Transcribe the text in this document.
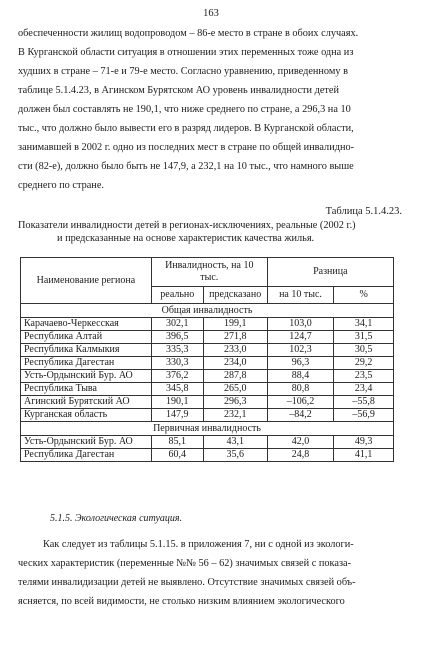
163
обеспеченности жилищ водопроводом – 86-е место в стране в обоих случаях.
В Курганской области ситуация в отношении этих переменных тоже одна из
худших в стране – 71-е и 79-е место. Согласно уравнению, приведенному в
таблице 5.1.4.23, в Агинском Бурятском АО уровень инвалидности детей
должен был составлять не 190,1, что ниже среднего по стране, а 296,3 на 10
тыс., что должно было вывести его в разряд лидеров. В Курганской области,
занимавшей в 2002 г. одно из последних мест в стране по общей инвалидно-
сти (82-е), должно было быть не 147,9, а 232,1 на 10 тыс., что намного выше
среднего по стране.
Таблица 5.1.4.23.
Показатели инвалидности детей в регионах-исключениях, реальные (2002 г.)
и предсказанные на основе характеристик качества жилья.
Наименование региона	Инвалидность, на 10 тыс.		Разница	
	реально	предсказано	на 10 тыс.	%
Общая инвалидность				
Карачаево-Черкесская	302,1	199,1	103,0	34,1
Республика Алтай	396,5	271,8	124,7	31,5
Республика Калмыкия	335,3	233,0	102,3	30,5
Республика Дагестан	330,3	234,0	96,3	29,2
Усть-Ордынский Бур. АО	376,2	287,8	88,4	23,5
Республика Тыва	345,8	265,0	80,8	23,4
Агинский Бурятский АО	190,1	296,3	–106,2	–55,8
Курганская область	147,9	232,1	–84,2	–56,9
Первичная инвалидность				
Усть-Ордынский Бур. АО	85,1	43,1	42,0	49,3
Республика Дагестан	60,4	35,6	24,8	41,1
5.1.5. Экологическая ситуация.
Как следует из таблицы 5.1.15. в приложения 7, ни с одной из экологи-
ческих характеристик (переменные №№ 56 – 62) значимых связей с показа-
телями инвалидизации детей не выявлено. Отсутствие значимых связей объ-
ясняется, по всей видимости, не столько низким влиянием экологического
